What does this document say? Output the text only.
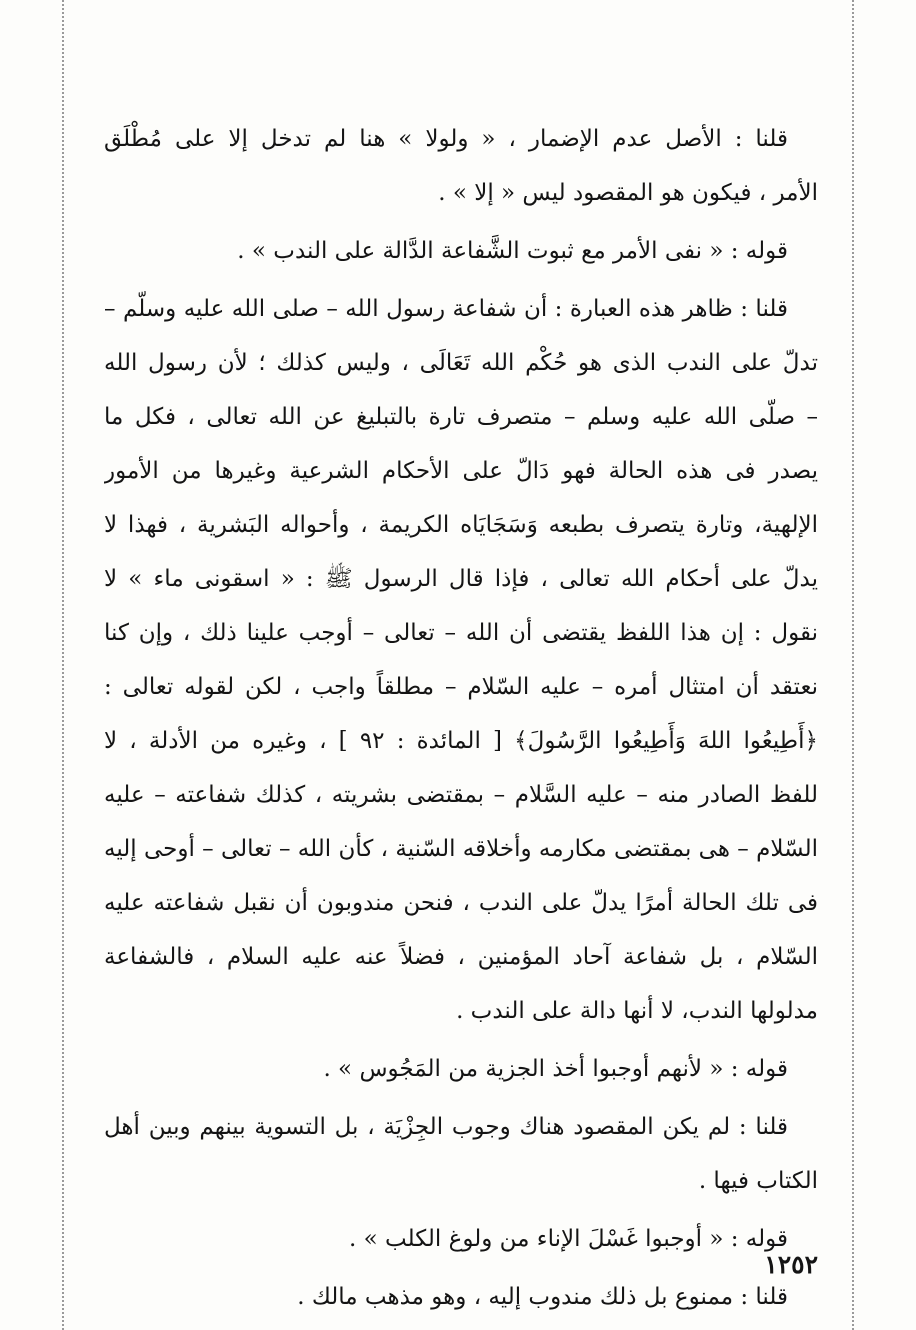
قلنا : الأصل عدم الإضمار ، « ولولا » هنا لم تدخل إلا على مُطْلَق
الأمر ، فيكون هو المقصود ليس « إلا » .
قوله : « نفى الأمر مع ثبوت الشَّفاعة الدَّالة على الندب » .
قلنا : ظاهر هذه العبارة : أن شفاعة رسول الله – صلى الله عليه وسلّم –
تدلّ على الندب الذى هو حُكْم الله تَعَالَى ، وليس كذلك ؛ لأن رسول الله
– صلّى الله عليه وسلم – متصرف تارة بالتبليغ عن الله تعالى ، فكل ما
يصدر فى هذه الحالة فهو دَالّ على الأحكام الشرعية وغيرها من الأمور
الإلهية، وتارة يتصرف بطبعه وَسَجَايَاه الكريمة ، وأحواله البَشرية ، فهذا لا
يدلّ على أحكام الله تعالى ، فإذا قال الرسول ﷺ : « اسقونى ماء » لا
نقول : إن هذا اللفظ يقتضى أن الله – تعالى – أوجب علينا ذلك ، وإن كنا
نعتقد أن امتثال أمره – عليه السّلام – مطلقاً واجب ، لكن لقوله تعالى :
﴿أَطِيعُوا اللهَ وَأَطِيعُوا الرَّسُولَ﴾ [ المائدة : ٩٢ ] ، وغيره من الأدلة ، لا
للفظ الصادر منه – عليه السَّلام – بمقتضى بشريته ، كذلك شفاعته – عليه
السّلام – هى بمقتضى مكارمه وأخلاقه السّنية ، كأن الله – تعالى – أوحى إليه
فى تلك الحالة أمرًا يدلّ على الندب ، فنحن مندوبون أن نقبل شفاعته عليه
السّلام ، بل شفاعة آحاد المؤمنين ، فضلاً عنه عليه السلام ، فالشفاعة
مدلولها الندب، لا أنها دالة على الندب .
قوله : « لأنهم أوجبوا أخذ الجزية من المَجُوس » .
قلنا : لم يكن المقصود هناك وجوب الجِزْيَة ، بل التسوية بينهم وبين أهل
الكتاب فيها .
قوله : « أوجبوا غَسْلَ الإناء من ولوغ الكلب » .
قلنا : ممنوع بل ذلك مندوب إليه ، وهو مذهب مالك .
١٢٥٢
